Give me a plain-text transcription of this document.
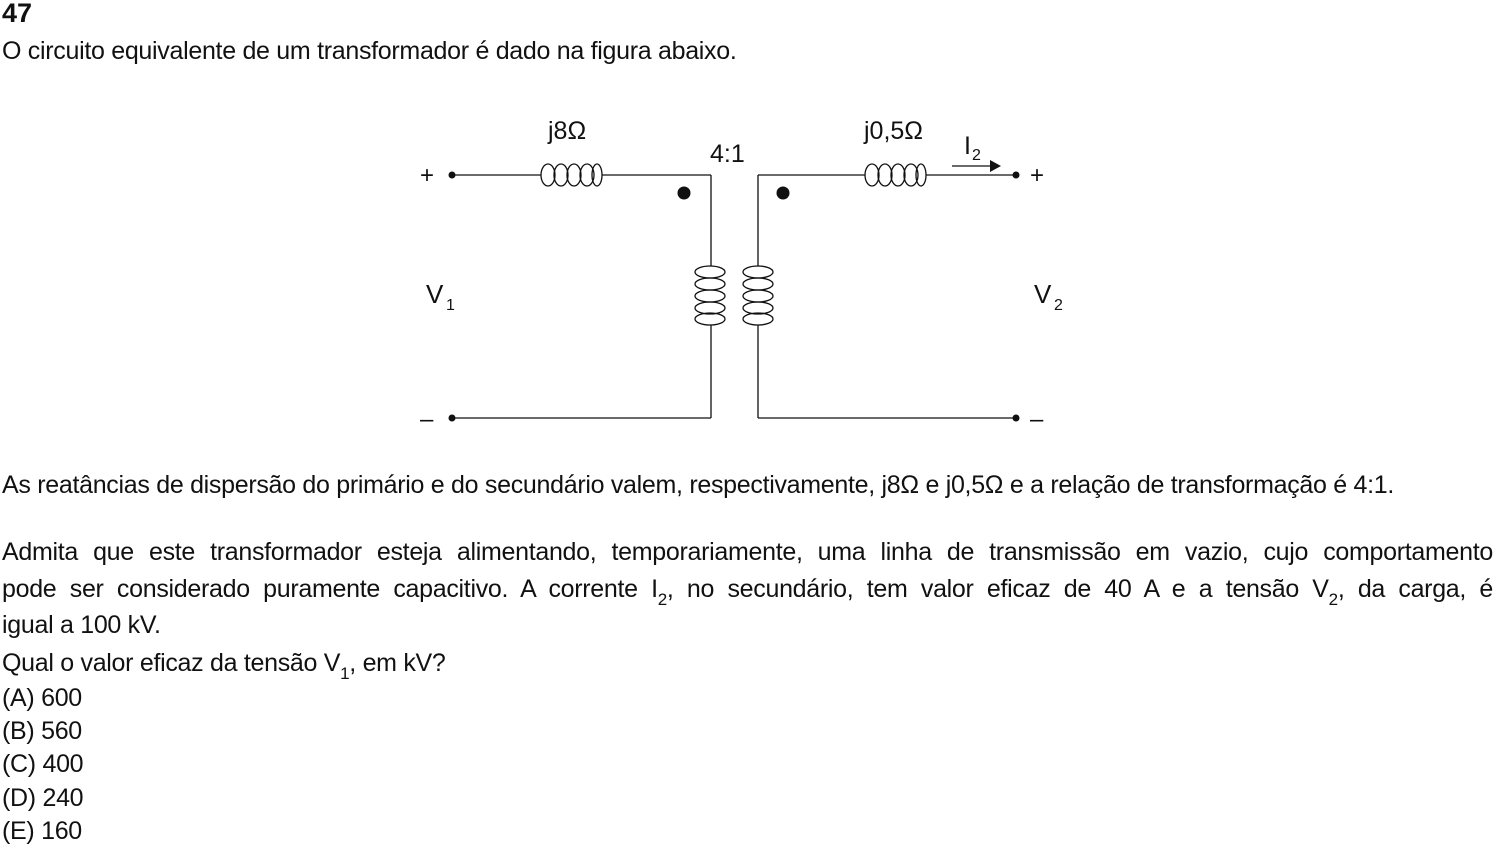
47
O circuito equivalente de um transformador é dado na figura abaixo.
j8Ω	j0,5Ω
4:1	I 2
+
–
+
–
V 1	V 2
As reatâncias de dispersão do primário e do secundário valem, respectivamente, j8Ω e j0,5Ω e a relação de transformação é 4:1.
Admita que este transformador esteja alimentando, temporariamente, uma linha de transmissão em vazio, cujo comportamento
pode ser considerado puramente capacitivo. A corrente $I_2$, no secundário, tem valor eficaz de 40 A e a tensão $V_2$, da carga, é
igual a 100 kV.
Qual o valor eficaz da tensão $V_1$, em kV?
(A) 600
(B) 560
(C) 400
(D) 240
(E) 160
